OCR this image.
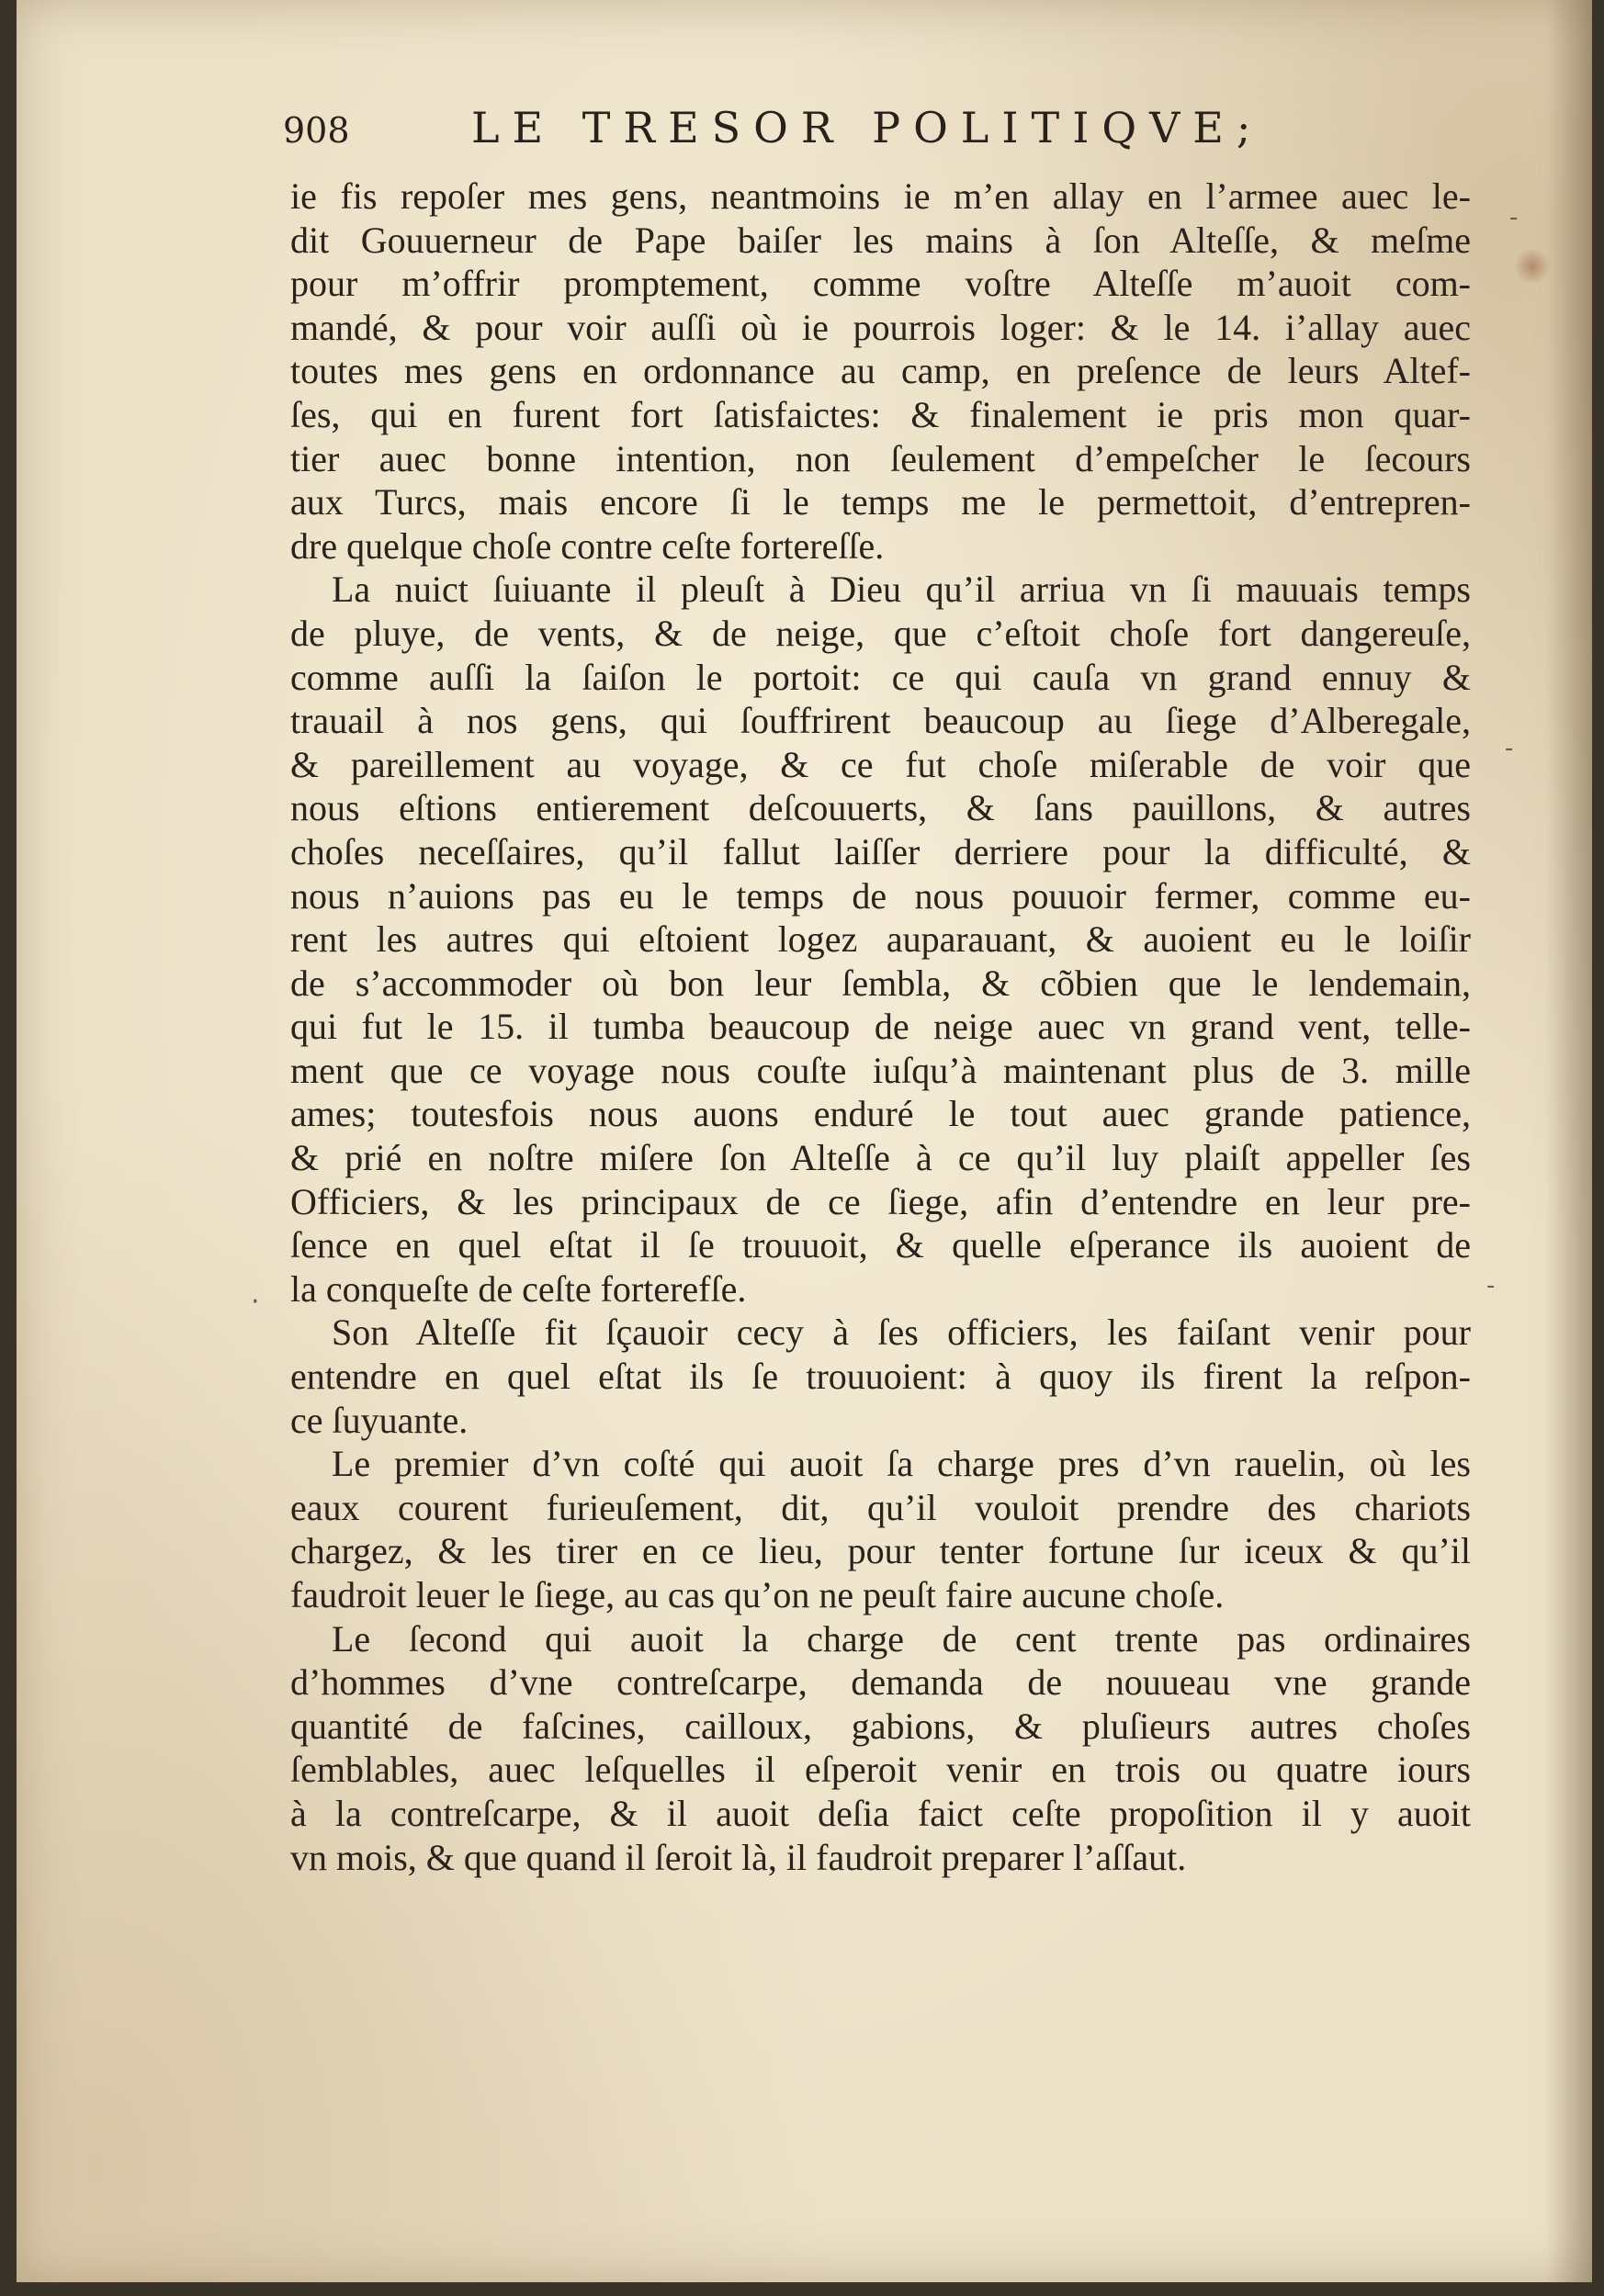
908	LE TRESOR POLITIQVE;
ie fis repoſer mes gens, neantmoins ie m’en allay en l’armee auec le-
dit Gouuerneur de Pape baiſer les mains à ſon Alteſſe, & meſme
pour m’offrir promptement, comme voſtre Alteſſe m’auoit com-
mandé, & pour voir auſſi où ie pourrois loger: & le 14. i’allay auec
toutes mes gens en ordonnance au camp, en preſence de leurs Altef-
ſes, qui en furent fort ſatisfaictes: & finalement ie pris mon quar-
tier auec bonne intention, non ſeulement d’empeſcher le ſecours
aux Turcs, mais encore ſi le temps me le permettoit, d’entrepren-
dre quelque choſe contre ceſte fortereſſe.
La nuict ſuiuante il pleuſt à Dieu qu’il arriua vn ſi mauuais temps
de pluye, de vents, & de neige, que c’eſtoit choſe fort dangereuſe,
comme auſſi la ſaiſon le portoit: ce qui cauſa vn grand ennuy &
trauail à nos gens, qui ſouffrirent beaucoup au ſiege d’Alberegale,
& pareillement au voyage, & ce fut choſe miſerable de voir que
nous eſtions entierement deſcouuerts, & ſans pauillons, & autres
choſes neceſſaires, qu’il fallut laiſſer derriere pour la difficulté, &
nous n’auions pas eu le temps de nous pouuoir fermer, comme eu-
rent les autres qui eſtoient logez auparauant, & auoient eu le loiſir
de s’accommoder où bon leur ſembla, & cõbien que le lendemain,
qui fut le 15. il tumba beaucoup de neige auec vn grand vent, telle-
ment que ce voyage nous couſte iuſqu’à maintenant plus de 3. mille
ames; toutesfois nous auons enduré le tout auec grande patience,
& prié en noſtre miſere ſon Alteſſe à ce qu’il luy plaiſt appeller ſes
Officiers, & les principaux de ce ſiege, afin d’entendre en leur pre-
ſence en quel eſtat il ſe trouuoit, & quelle eſperance ils auoient de
la conqueſte de ceſte forterefſe.
Son Alteſſe fit ſçauoir cecy à ſes officiers, les faiſant venir pour
entendre en quel eſtat ils ſe trouuoient: à quoy ils firent la reſpon-
ce ſuyuante.
Le premier d’vn coſté qui auoit ſa charge pres d’vn rauelin, où les
eaux courent furieuſement, dit, qu’il vouloit prendre des chariots
chargez, & les tirer en ce lieu, pour tenter fortune ſur iceux & qu’il
faudroit leuer le ſiege, au cas qu’on ne peuſt faire aucune choſe.
Le ſecond qui auoit la charge de cent trente pas ordinaires
d’hommes d’vne contreſcarpe, demanda de nouueau vne grande
quantité de faſcines, cailloux, gabions, & pluſieurs autres choſes
ſemblables, auec leſquelles il eſperoit venir en trois ou quatre iours
à la contreſcarpe, & il auoit deſia faict ceſte propoſition il y auoit
vn mois, & que quand il ſeroit là, il faudroit preparer l’aſſaut.
-
-
-
·
